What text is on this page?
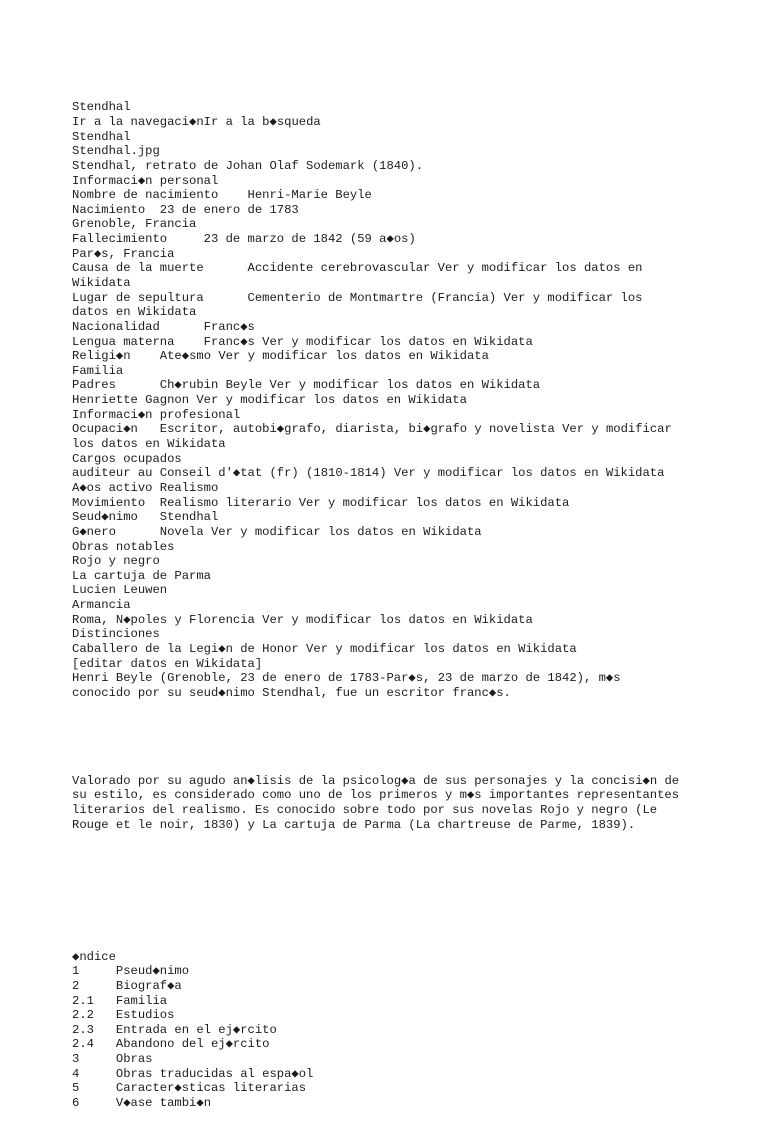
Stendhal
Ir a la navegaci◆nIr a la b◆squeda
Stendhal
Stendhal.jpg
Stendhal, retrato de Johan Olaf Sodemark (1840).
Informaci◆n personal
Nombre de nacimiento    Henri-Marie Beyle
Nacimiento  23 de enero de 1783
Grenoble, Francia
Fallecimiento     23 de marzo de 1842 (59 a◆os)
Par◆s, Francia
Causa de la muerte      Accidente cerebrovascular Ver y modificar los datos en
Wikidata
Lugar de sepultura      Cementerio de Montmartre (Francia) Ver y modificar los
datos en Wikidata
Nacionalidad      Franc◆s
Lengua materna    Franc◆s Ver y modificar los datos en Wikidata
Religi◆n    Ate◆smo Ver y modificar los datos en Wikidata
Familia
Padres      Ch◆rubin Beyle Ver y modificar los datos en Wikidata
Henriette Gagnon Ver y modificar los datos en Wikidata
Informaci◆n profesional
Ocupaci◆n   Escritor, autobi◆grafo, diarista, bi◆grafo y novelista Ver y modificar
los datos en Wikidata
Cargos ocupados
auditeur au Conseil d'◆tat (fr) (1810-1814) Ver y modificar los datos en Wikidata
A◆os activo Realismo
Movimiento  Realismo literario Ver y modificar los datos en Wikidata
Seud◆nimo   Stendhal
G◆nero      Novela Ver y modificar los datos en Wikidata
Obras notables
Rojo y negro
La cartuja de Parma
Lucien Leuwen
Armancia
Roma, N◆poles y Florencia Ver y modificar los datos en Wikidata
Distinciones
Caballero de la Legi◆n de Honor Ver y modificar los datos en Wikidata
[editar datos en Wikidata]
Henri Beyle (Grenoble, 23 de enero de 1783-Par◆s, 23 de marzo de 1842), m◆s
conocido por su seud◆nimo Stendhal, fue un escritor franc◆s.

Valorado por su agudo an◆lisis de la psicolog◆a de sus personajes y la concisi◆n de
su estilo, es considerado como uno de los primeros y m◆s importantes representantes
literarios del realismo. Es conocido sobre todo por sus novelas Rojo y negro (Le
Rouge et le noir, 1830) y La cartuja de Parma (La chartreuse de Parme, 1839).

◆ndice
1     Pseud◆nimo
2     Biograf◆a
2.1   Familia
2.2   Estudios
2.3   Entrada en el ej◆rcito
2.4   Abandono del ej◆rcito
3     Obras
4     Obras traducidas al espa◆ol
5     Caracter◆sticas literarias
6     V◆ase tambi◆n
